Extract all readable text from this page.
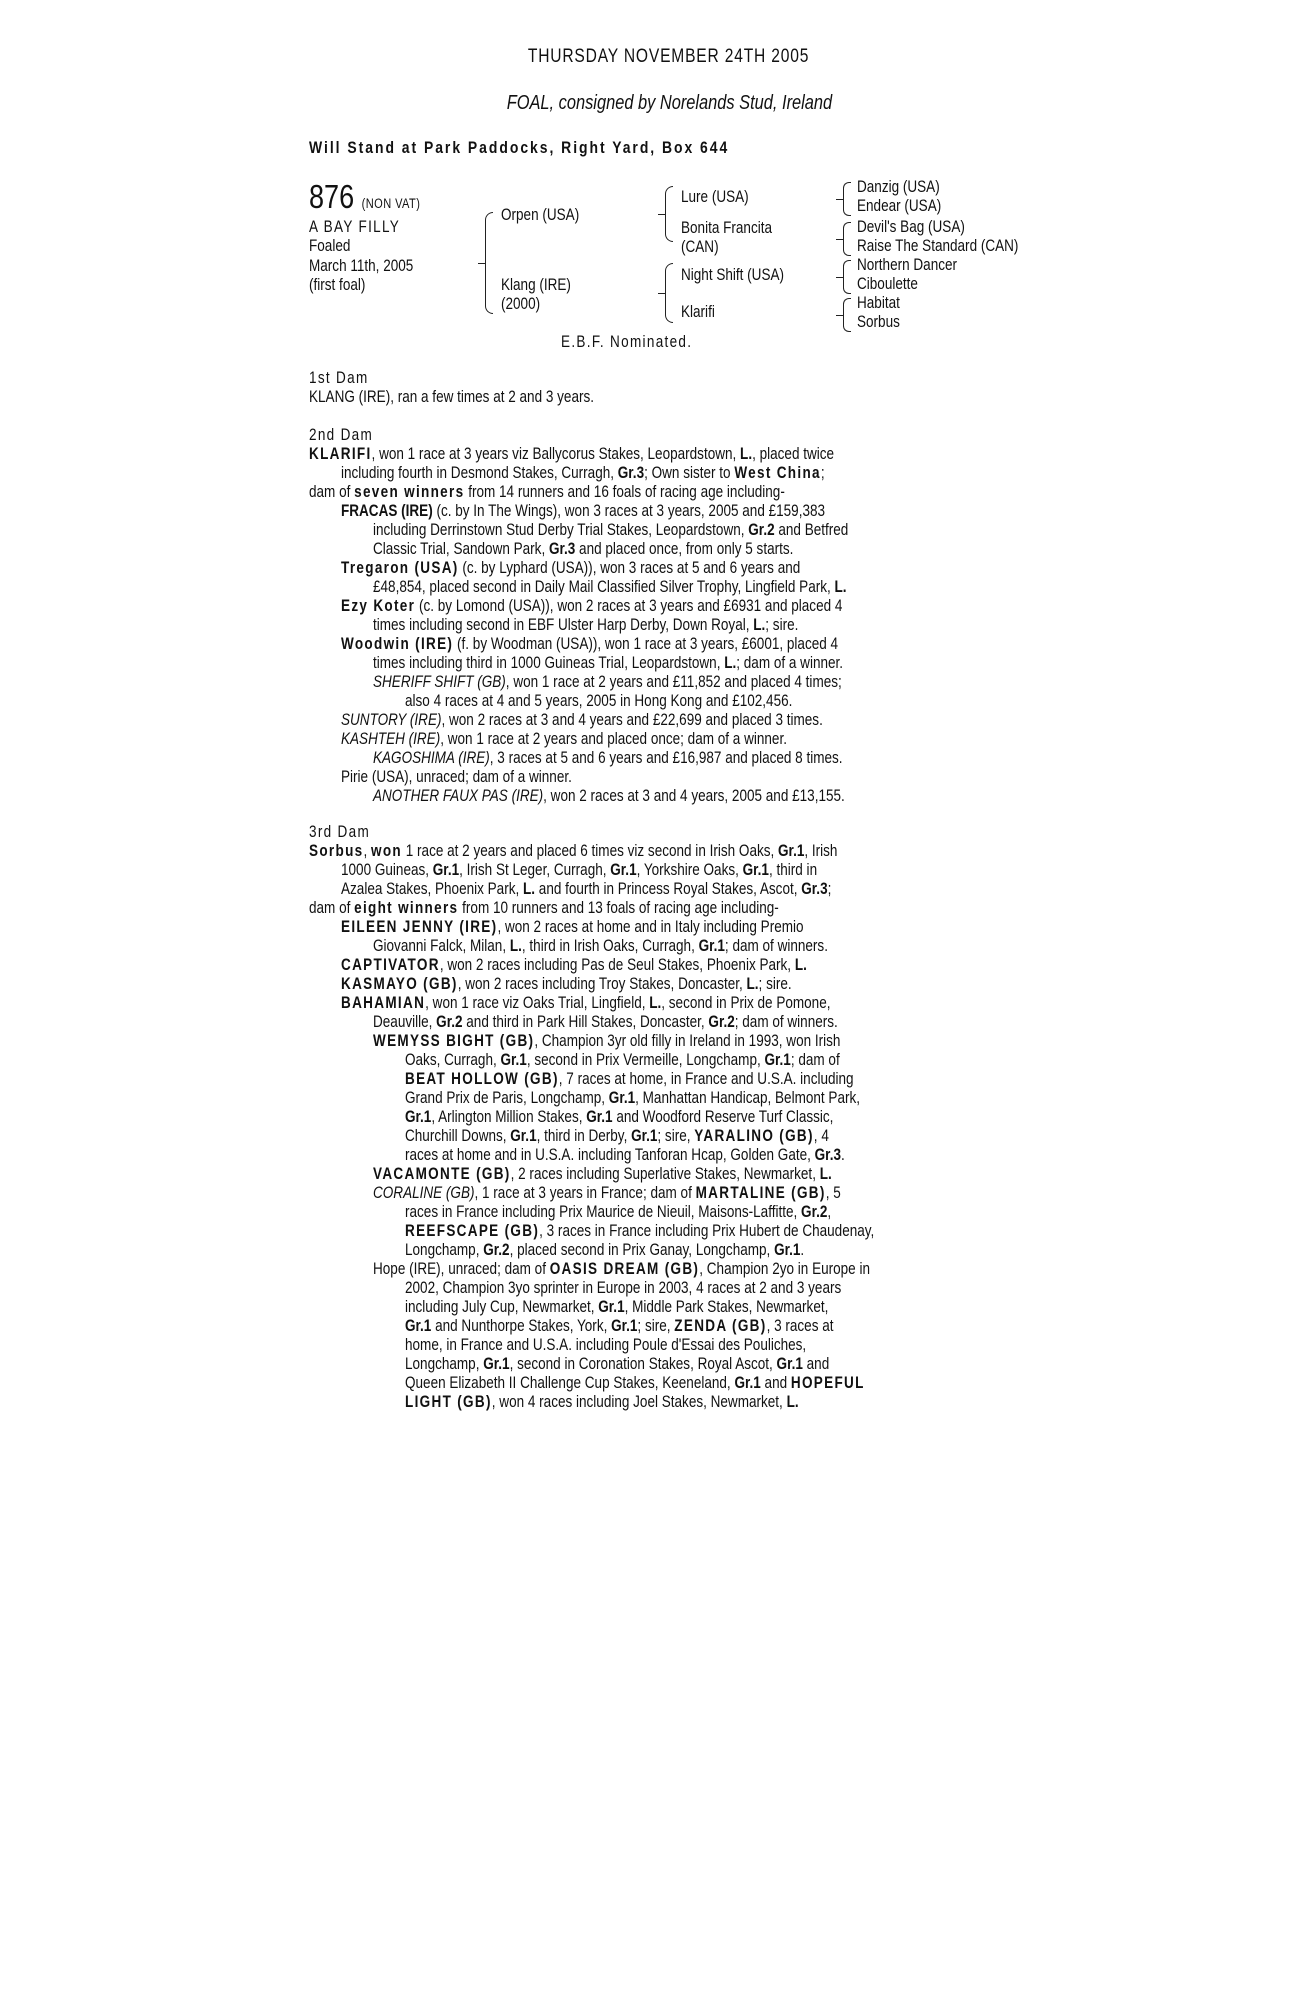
THURSDAY NOVEMBER 24TH 2005
FOAL, consigned by Norelands Stud, Ireland
Will Stand at Park Paddocks, Right Yard, Box 644
876 (NON VAT)
A BAY FILLY
Foaled
March 11th, 2005
(first foal)
Orpen (USA)
Klang (IRE)
(2000)
Lure (USA)
Bonita Francita
(CAN)
Night Shift (USA)
Klarifi
Danzig (USA)
Endear (USA)
Devil's Bag (USA)
Raise The Standard (CAN)
Northern Dancer
Ciboulette
Habitat
Sorbus
E.B.F. Nominated.
1st Dam
KLANG (IRE), ran a few times at 2 and 3 years.
2nd Dam
KLARIFI, won 1 race at 3 years viz Ballycorus Stakes, Leopardstown, L., placed twice
including fourth in Desmond Stakes, Curragh, Gr.3; Own sister to West China;
dam of seven winners from 14 runners and 16 foals of racing age including-
FRACAS (IRE) (c. by In The Wings), won 3 races at 3 years, 2005 and £159,383
including Derrinstown Stud Derby Trial Stakes, Leopardstown, Gr.2 and Betfred
Classic Trial, Sandown Park, Gr.3 and placed once, from only 5 starts.
Tregaron (USA) (c. by Lyphard (USA)), won 3 races at 5 and 6 years and
£48,854, placed second in Daily Mail Classified Silver Trophy, Lingfield Park, L.
Ezy Koter (c. by Lomond (USA)), won 2 races at 3 years and £6931 and placed 4
times including second in EBF Ulster Harp Derby, Down Royal, L.; sire.
Woodwin (IRE) (f. by Woodman (USA)), won 1 race at 3 years, £6001, placed 4
times including third in 1000 Guineas Trial, Leopardstown, L.; dam of a winner.
SHERIFF SHIFT (GB), won 1 race at 2 years and £11,852 and placed 4 times;
also 4 races at 4 and 5 years, 2005 in Hong Kong and £102,456.
SUNTORY (IRE), won 2 races at 3 and 4 years and £22,699 and placed 3 times.
KASHTEH (IRE), won 1 race at 2 years and placed once; dam of a winner.
KAGOSHIMA (IRE), 3 races at 5 and 6 years and £16,987 and placed 8 times.
Pirie (USA), unraced; dam of a winner.
ANOTHER FAUX PAS (IRE), won 2 races at 3 and 4 years, 2005 and £13,155.
3rd Dam
Sorbus, won 1 race at 2 years and placed 6 times viz second in Irish Oaks, Gr.1, Irish
1000 Guineas, Gr.1, Irish St Leger, Curragh, Gr.1, Yorkshire Oaks, Gr.1, third in
Azalea Stakes, Phoenix Park, L. and fourth in Princess Royal Stakes, Ascot, Gr.3;
dam of eight winners from 10 runners and 13 foals of racing age including-
EILEEN JENNY (IRE), won 2 races at home and in Italy including Premio
Giovanni Falck, Milan, L., third in Irish Oaks, Curragh, Gr.1; dam of winners.
CAPTIVATOR, won 2 races including Pas de Seul Stakes, Phoenix Park, L.
KASMAYO (GB), won 2 races including Troy Stakes, Doncaster, L.; sire.
BAHAMIAN, won 1 race viz Oaks Trial, Lingfield, L., second in Prix de Pomone,
Deauville, Gr.2 and third in Park Hill Stakes, Doncaster, Gr.2; dam of winners.
WEMYSS BIGHT (GB), Champion 3yr old filly in Ireland in 1993, won Irish
Oaks, Curragh, Gr.1, second in Prix Vermeille, Longchamp, Gr.1; dam of
BEAT HOLLOW (GB), 7 races at home, in France and U.S.A. including
Grand Prix de Paris, Longchamp, Gr.1, Manhattan Handicap, Belmont Park,
Gr.1, Arlington Million Stakes, Gr.1 and Woodford Reserve Turf Classic,
Churchill Downs, Gr.1, third in Derby, Gr.1; sire, YARALINO (GB), 4
races at home and in U.S.A. including Tanforan Hcap, Golden Gate, Gr.3.
VACAMONTE (GB), 2 races including Superlative Stakes, Newmarket, L.
CORALINE (GB), 1 race at 3 years in France; dam of MARTALINE (GB), 5
races in France including Prix Maurice de Nieuil, Maisons-Laffitte, Gr.2,
REEFSCAPE (GB), 3 races in France including Prix Hubert de Chaudenay,
Longchamp, Gr.2, placed second in Prix Ganay, Longchamp, Gr.1.
Hope (IRE), unraced; dam of OASIS DREAM (GB), Champion 2yo in Europe in
2002, Champion 3yo sprinter in Europe in 2003, 4 races at 2 and 3 years
including July Cup, Newmarket, Gr.1, Middle Park Stakes, Newmarket,
Gr.1 and Nunthorpe Stakes, York, Gr.1; sire, ZENDA (GB), 3 races at
home, in France and U.S.A. including Poule d'Essai des Pouliches,
Longchamp, Gr.1, second in Coronation Stakes, Royal Ascot, Gr.1 and
Queen Elizabeth II Challenge Cup Stakes, Keeneland, Gr.1 and HOPEFUL
LIGHT (GB), won 4 races including Joel Stakes, Newmarket, L.
